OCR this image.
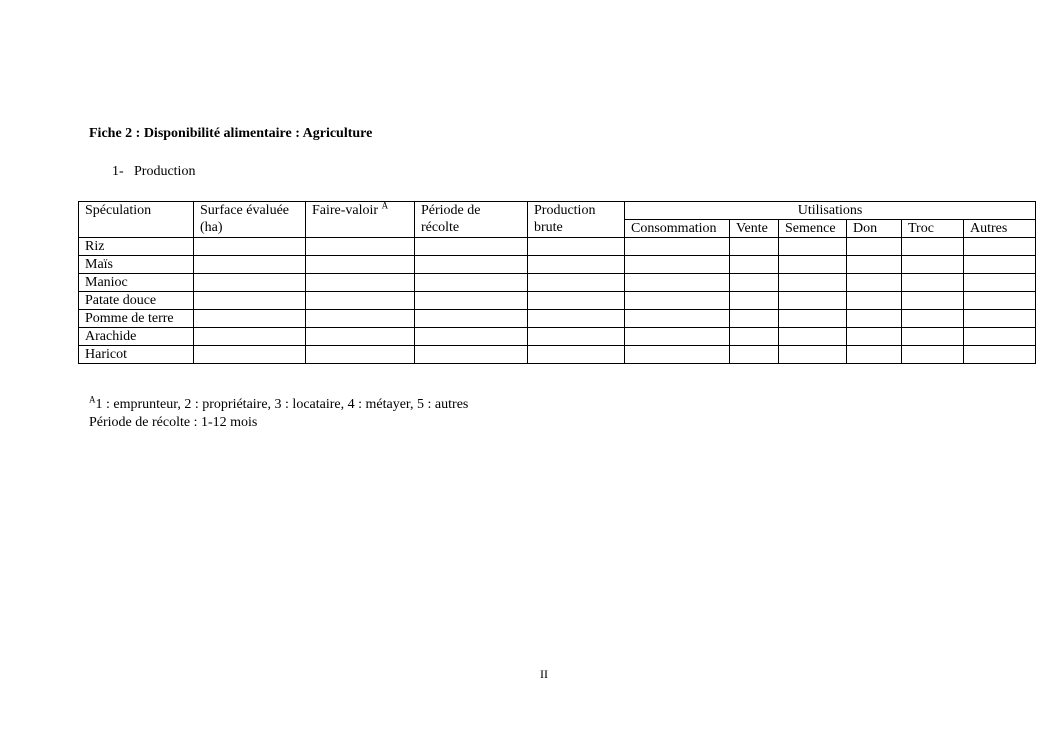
Fiche 2 : Disponibilité alimentaire : Agriculture
1- Production
Spéculation	Surface évaluée (ha)	Faire-valoir $^A$	Période de récolte	Production brute	Utilisations					
					Consommation	Vente	Semence	Don	Troc	Autres
Riz										
Maïs										
Manioc										
Patate douce										
Pomme de terre										
Arachide										
Haricot										
$^A$1 : emprunteur, 2 : propriétaire, 3 : locataire, 4 : métayer, 5 : autres
Période de récolte : 1-12 mois
II
